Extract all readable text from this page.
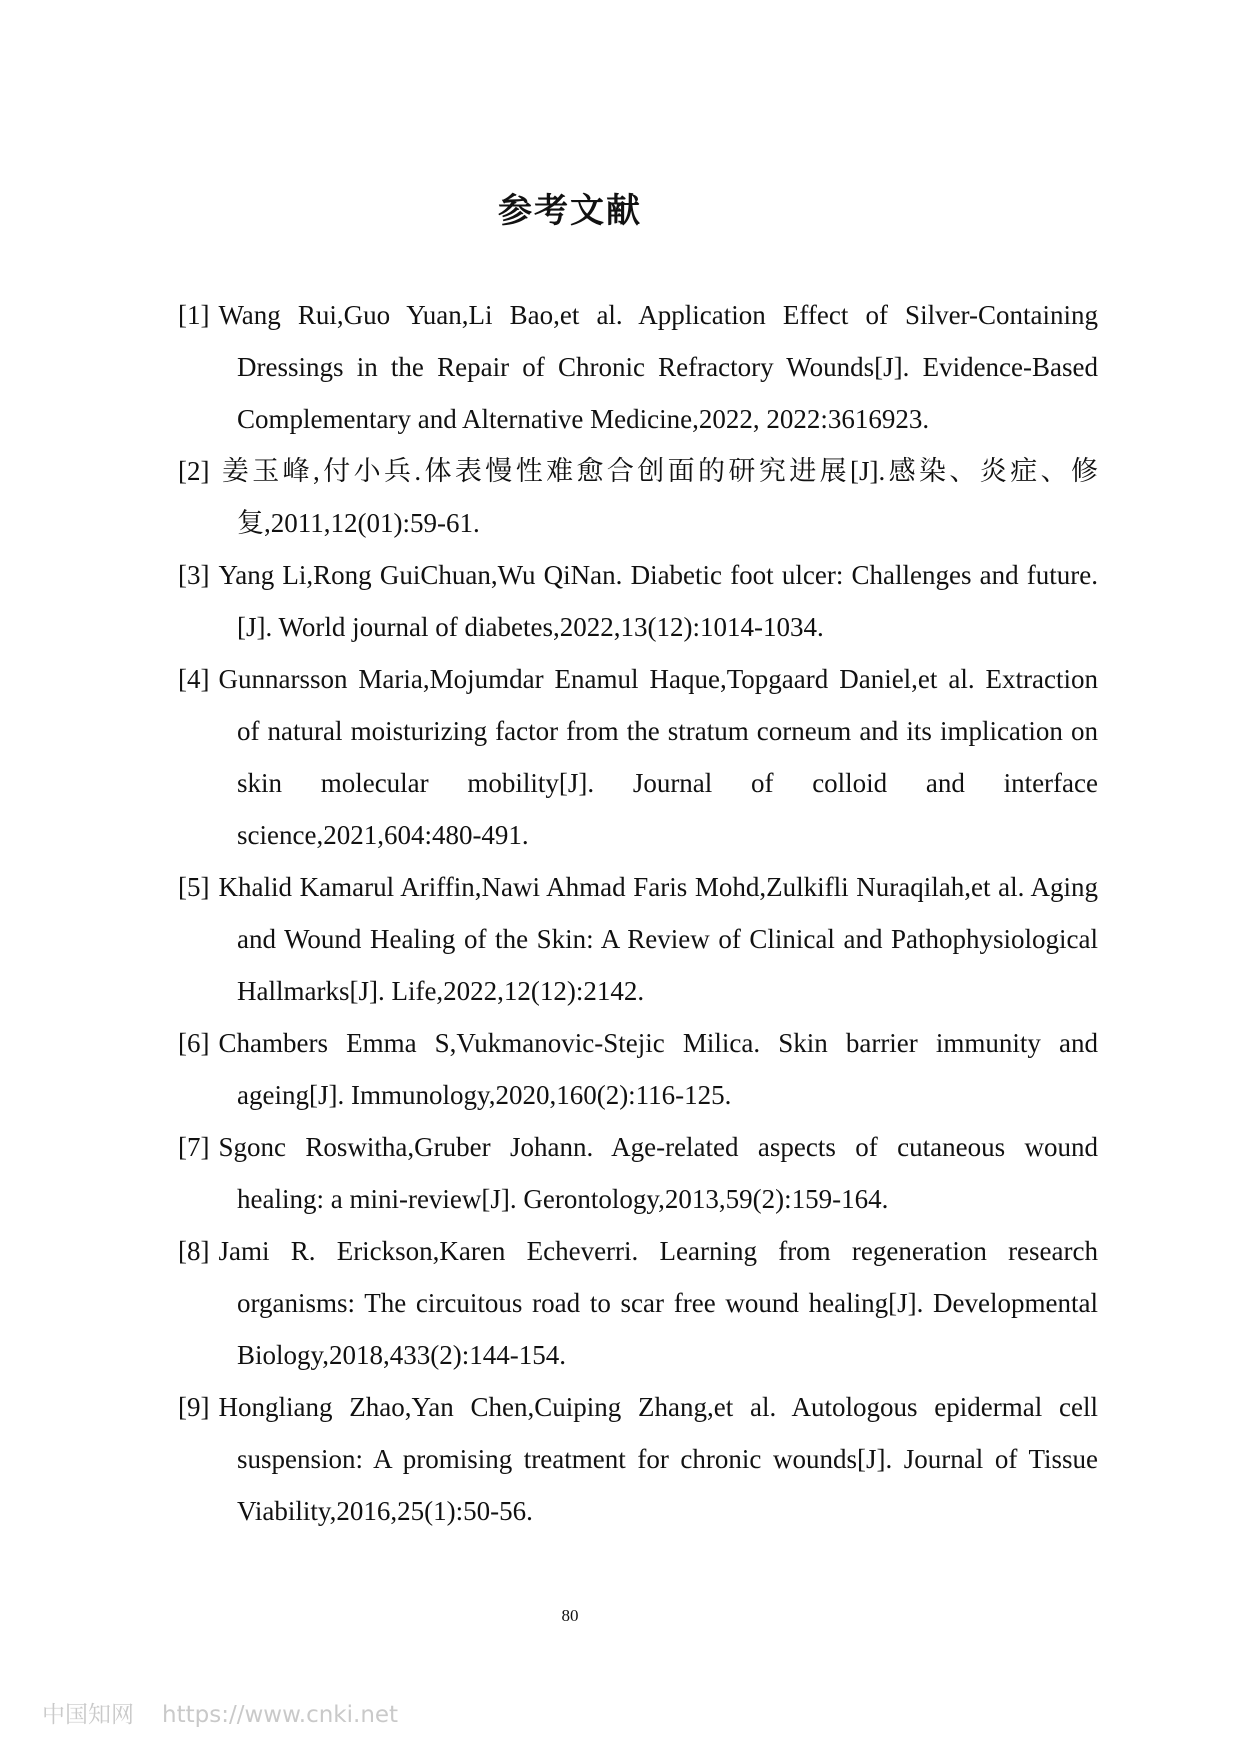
参考文献
[1] Wang Rui,Guo Yuan,Li Bao,et al. Application Effect of Silver-Containing Dressings in the Repair of Chronic Refractory Wounds[J]. Evidence-Based Complementary and Alternative Medicine,2022, 2022:3616923.
[2] 姜玉峰,付小兵.体表慢性难愈合创面的研究进展[J].感染、炎症、修复,2011,12(01):59-61.
[3] Yang Li,Rong GuiChuan,Wu QiNan. Diabetic foot ulcer: Challenges and future.[J]. World journal of diabetes,2022,13(12):1014-1034.
[4] Gunnarsson Maria,Mojumdar Enamul Haque,Topgaard Daniel,et al. Extraction of natural moisturizing factor from the stratum corneum and its implication on skin molecular mobility[J]. Journal of colloid and interface science,2021,604:480-491.
[5] Khalid Kamarul Ariffin,Nawi Ahmad Faris Mohd,Zulkifli Nuraqilah,et al. Aging and Wound Healing of the Skin: A Review of Clinical and Pathophysiological Hallmarks[J]. Life,2022,12(12):2142.
[6] Chambers Emma S,Vukmanovic-Stejic Milica. Skin barrier immunity and ageing[J]. Immunology,2020,160(2):116-125.
[7] Sgonc Roswitha,Gruber Johann. Age-related aspects of cutaneous wound healing: a mini-review[J]. Gerontology,2013,59(2):159-164.
[8] Jami R. Erickson,Karen Echeverri. Learning from regeneration research organisms: The circuitous road to scar free wound healing[J]. Developmental Biology,2018,433(2):144-154.
[9] Hongliang Zhao,Yan Chen,Cuiping Zhang,et al. Autologous epidermal cell suspension: A promising treatment for chronic wounds[J]. Journal of Tissue Viability,2016,25(1):50-56.
80
中国知网 https://www.cnki.net
